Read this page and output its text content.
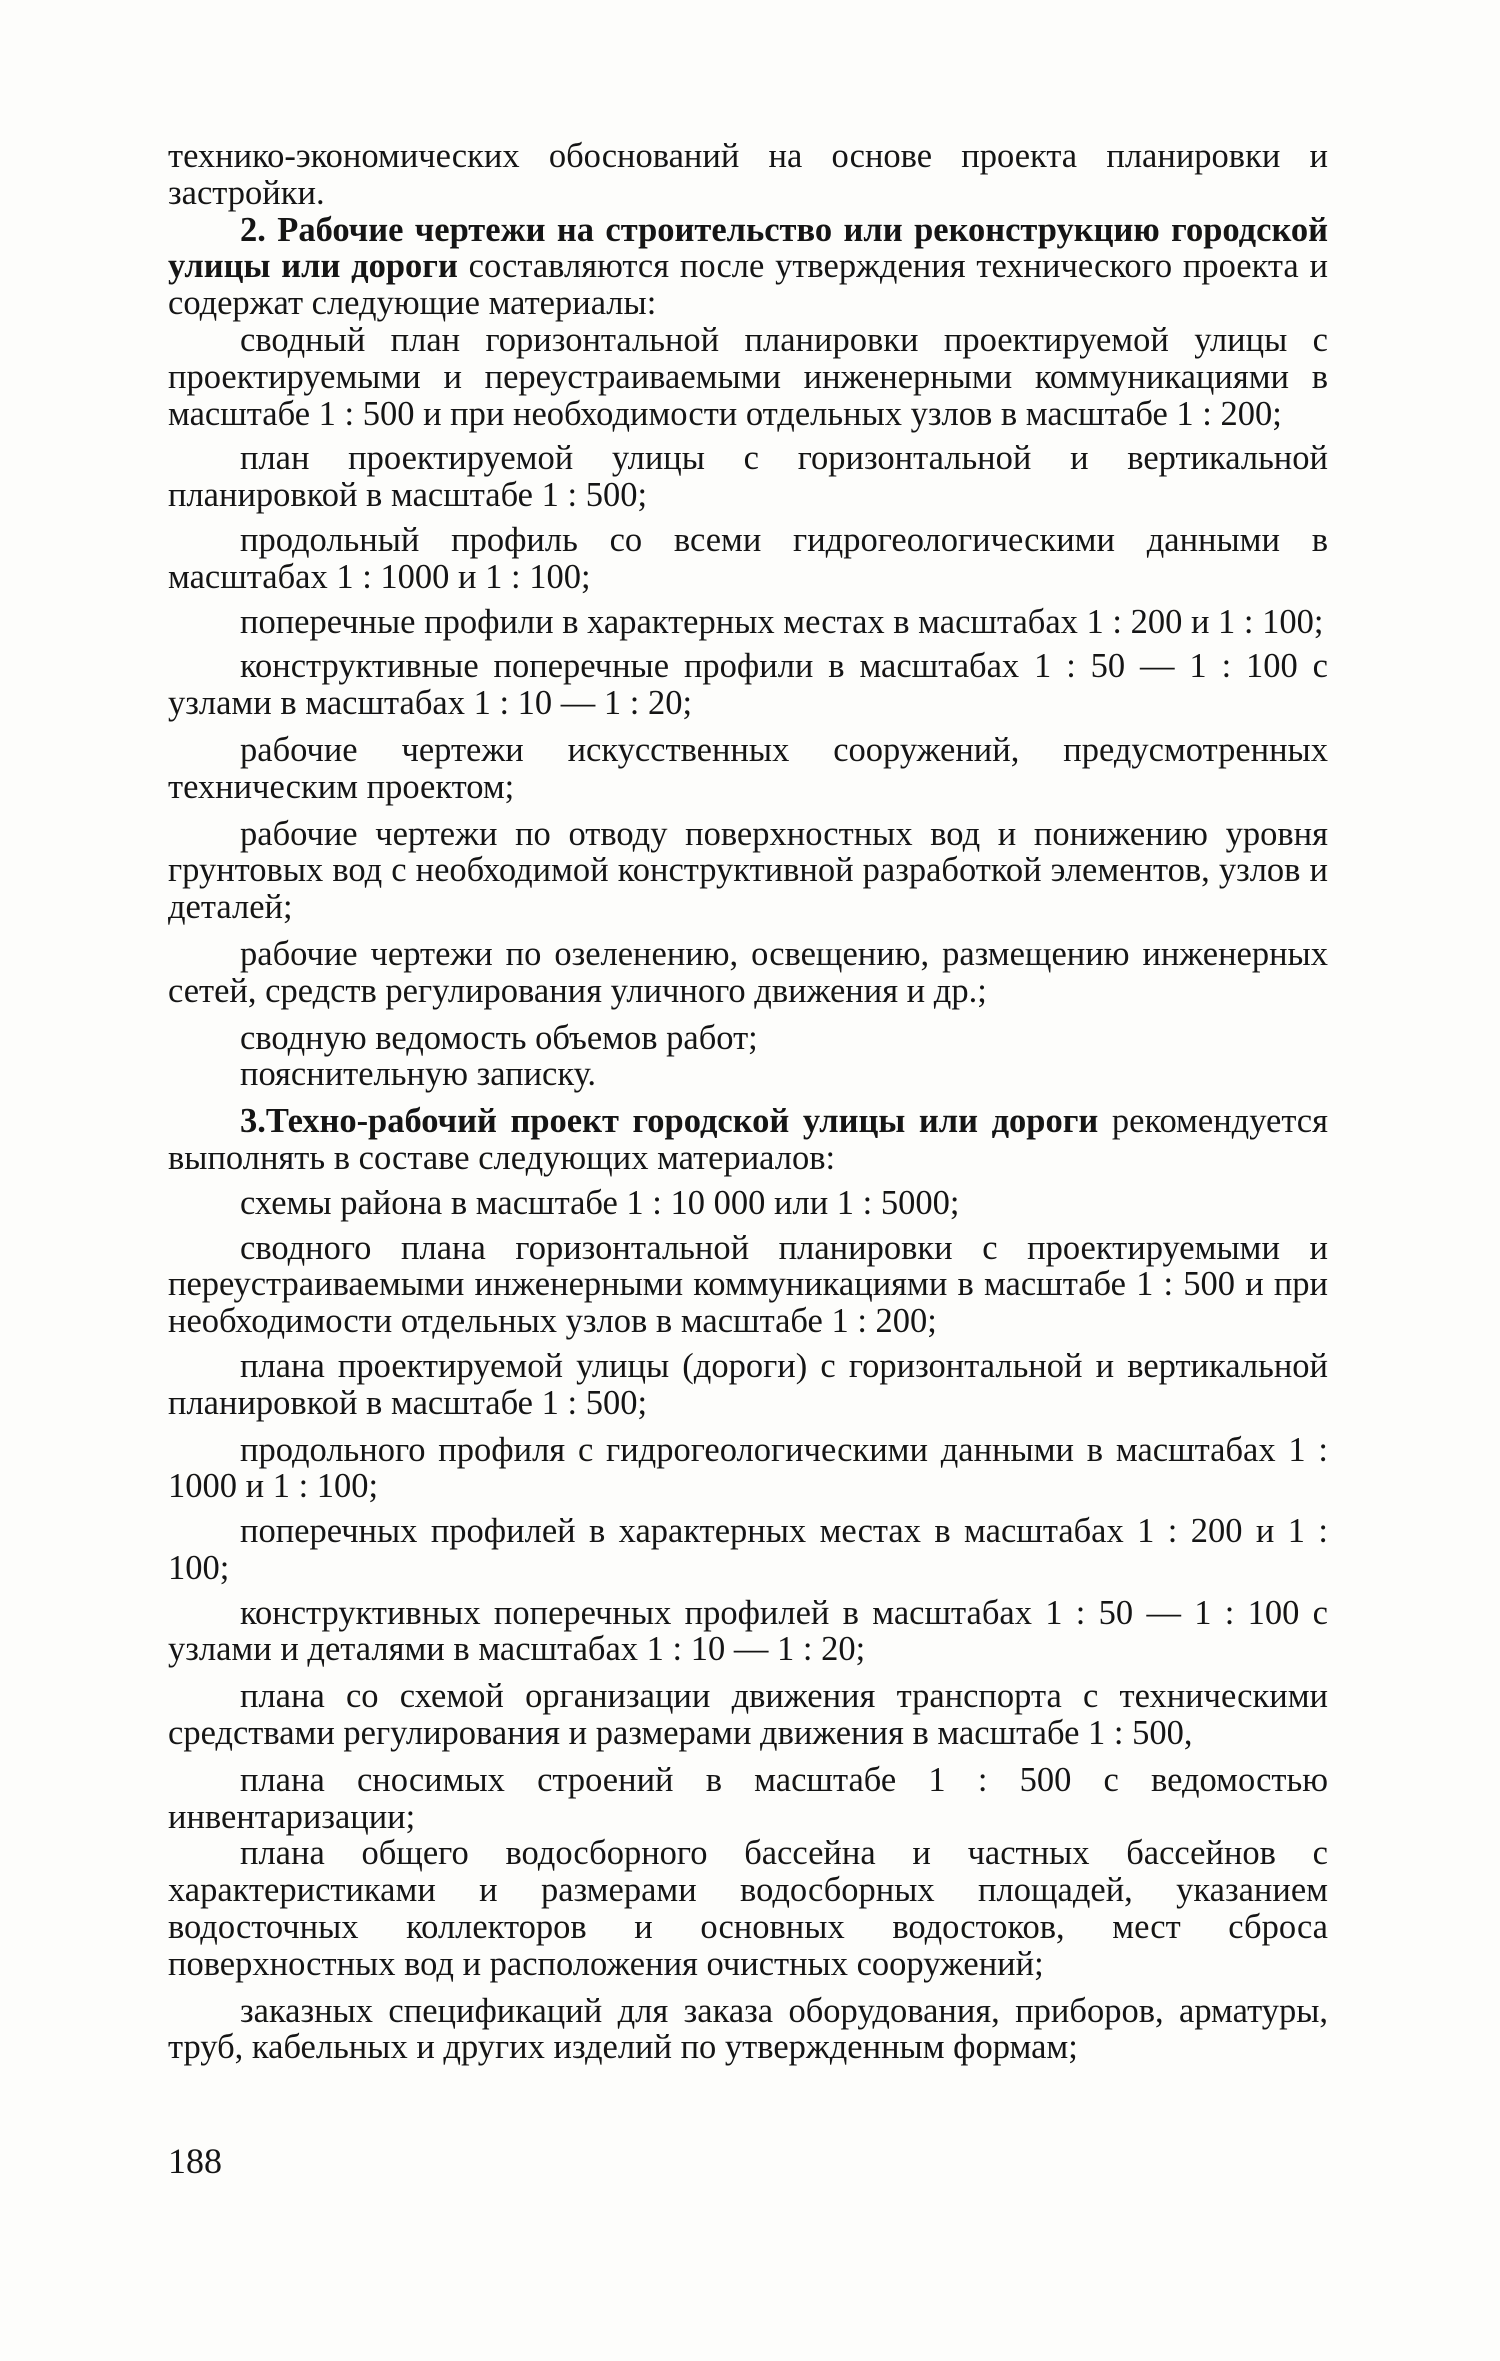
технико-экономических обоснований на основе проекта планировки и застройки.

2. Рабочие чертежи на строительство или реконструкцию городской улицы или дороги составляются после утверждения технического проекта и содержат следующие материалы:

сводный план горизонтальной планировки проектируемой улицы с проектируемыми и переустраиваемыми инженерными коммуникациями в масштабе 1 : 500 и при необходимости отдельных узлов в масштабе 1 : 200;

план проектируемой улицы с горизонтальной и вертикальной планировкой в масштабе 1 : 500;

продольный профиль со всеми гидрогеологическими данными в масштабах 1 : 1000 и 1 : 100;

поперечные профили в характерных местах в масштабах 1 : 200 и 1 : 100;

конструктивные поперечные профили в масштабах 1 : 50 — 1 : 100 с узлами в масштабах 1 : 10 — 1 : 20;

рабочие чертежи искусственных сооружений, предусмотренных техническим проектом;

рабочие чертежи по отводу поверхностных вод и понижению уровня грунтовых вод с необходимой конструктивной разработкой элементов, узлов и деталей;

рабочие чертежи по озеленению, освещению, размещению инженерных сетей, средств регулирования уличного движения и др.;

сводную ведомость объемов работ;

пояснительную записку.

3.Техно-рабочий проект городской улицы или дороги рекомендуется выполнять в составе следующих материалов:

схемы района в масштабе 1 : 10 000 или 1 : 5000;

сводного плана горизонтальной планировки с проектируемыми и переустраиваемыми инженерными коммуникациями в масштабе 1 : 500 и при необходимости отдельных узлов в масштабе 1 : 200;

плана проектируемой улицы (дороги) с горизонтальной и вертикальной планировкой в масштабе 1 : 500;

продольного профиля с гидрогеологическими данными в масштабах 1 : 1000 и 1 : 100;

поперечных профилей в характерных местах в масштабах 1 : 200 и 1 : 100;

конструктивных поперечных профилей в масштабах 1 : 50 — 1 : 100 с узлами и деталями в масштабах 1 : 10 — 1 : 20;

плана со схемой организации движения транспорта с техническими средствами регулирования и размерами движения в масштабе 1 : 500,

плана сносимых строений в масштабе 1 : 500 с ведомостью инвентаризации;

плана общего водосборного бассейна и частных бассейнов с характеристиками и размерами водосборных площадей, указанием водосточных коллекторов и основных водостоков, мест сброса поверхностных вод и расположения очистных сооружений;

заказных спецификаций для заказа оборудования, приборов, арматуры, труб, кабельных и других изделий по утвержденным формам;

188
